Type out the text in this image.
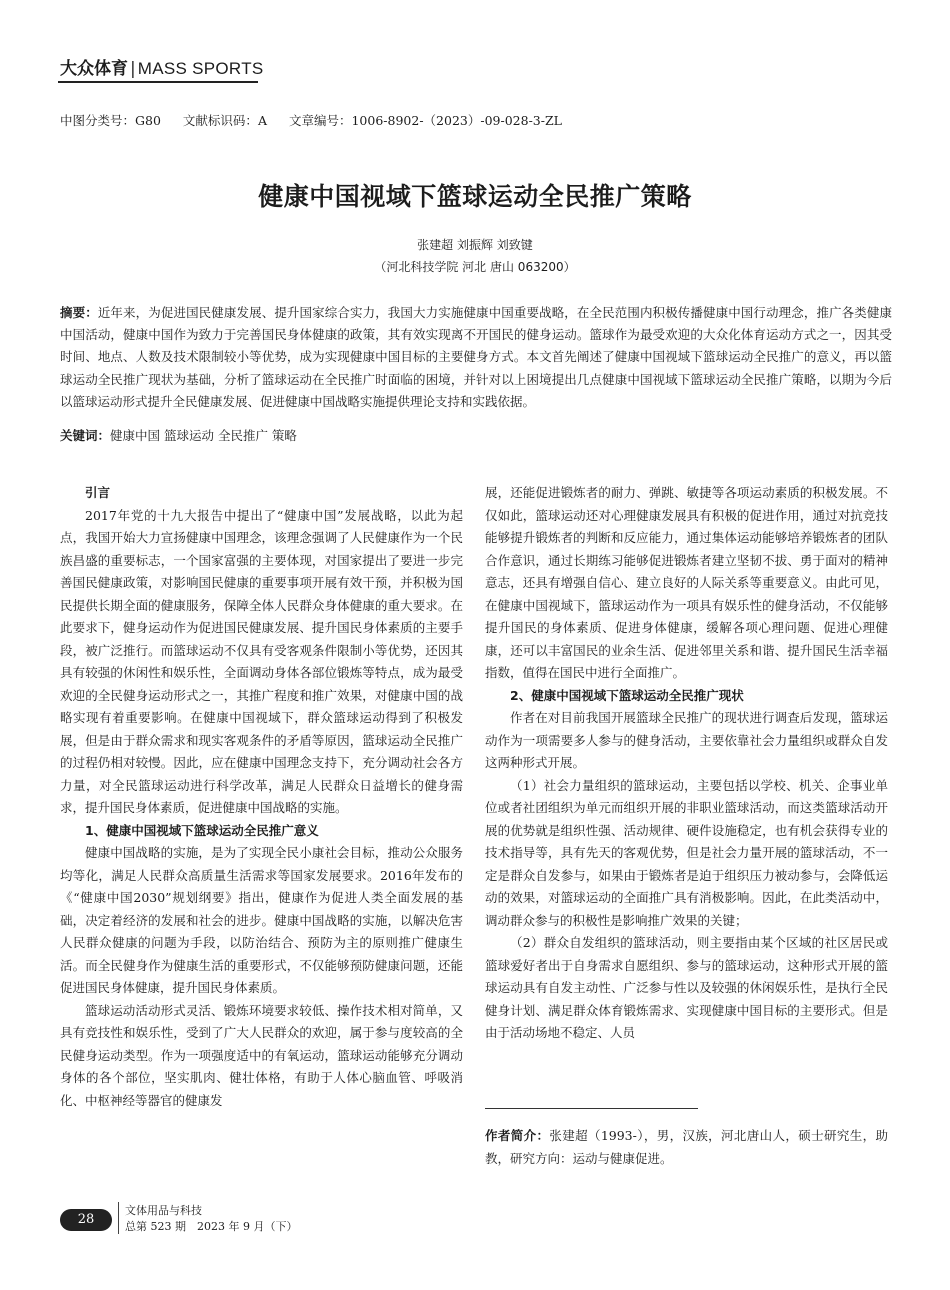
大众体育 | MASS SPORTS
中图分类号：G80 文献标识码：A 文章编号：1006-8902-（2023）-09-028-3-ZL
健康中国视域下篮球运动全民推广策略
张建超 刘振辉 刘致键
（河北科技学院 河北 唐山 063200）
摘要：近年来，为促进国民健康发展、提升国家综合实力，我国大力实施健康中国重要战略，在全民范围内积极传播健康中国行动理念，推广各类健康中国活动，健康中国作为致力于完善国民身体健康的政策，其有效实现离不开国民的健身运动。篮球作为最受欢迎的大众化体育运动方式之一，因其受时间、地点、人数及技术限制较小等优势，成为实现健康中国目标的主要健身方式。本文首先阐述了健康中国视域下篮球运动全民推广的意义，再以篮球运动全民推广现状为基础，分析了篮球运动在全民推广时面临的困境，并针对以上困境提出几点健康中国视域下篮球运动全民推广策略，以期为今后以篮球运动形式提升全民健康发展、促进健康中国战略实施提供理论支持和实践依据。
关键词：健康中国 篮球运动 全民推广 策略
引言

2017年党的十九大报告中提出了“健康中国”发展战略，以此为起点，我国开始大力宣扬健康中国理念，该理念强调了人民健康作为一个民族昌盛的重要标志，一个国家富强的主要体现，对国家提出了要进一步完善国民健康政策，对影响国民健康的重要事项开展有效干预，并积极为国民提供长期全面的健康服务，保障全体人民群众身体健康的重大要求。在此要求下，健身运动作为促进国民健康发展、提升国民身体素质的主要手段，被广泛推行。而篮球运动不仅具有受客观条件限制小等优势，还因其具有较强的休闲性和娱乐性，全面调动身体各部位锻炼等特点，成为最受欢迎的全民健身运动形式之一，其推广程度和推广效果，对健康中国的战略实现有着重要影响。在健康中国视域下，群众篮球运动得到了积极发展，但是由于群众需求和现实客观条件的矛盾等原因，篮球运动全民推广的过程仍相对较慢。因此，应在健康中国理念支持下，充分调动社会各方力量，对全民篮球运动进行科学改革，满足人民群众日益增长的健身需求，提升国民身体素质，促进健康中国战略的实施。

1、健康中国视域下篮球运动全民推广意义

健康中国战略的实施，是为了实现全民小康社会目标，推动公众服务均等化，满足人民群众高质量生活需求等国家发展要求。2016年发布的《“健康中国2030”规划纲要》指出，健康作为促进人类全面发展的基础，决定着经济的发展和社会的进步。健康中国战略的实施，以解决危害人民群众健康的问题为手段，以防治结合、预防为主的原则推广健康生活。而全民健身作为健康生活的重要形式，不仅能够预防健康问题，还能促进国民身体健康，提升国民身体素质。

篮球运动活动形式灵活、锻炼环境要求较低、操作技术相对简单，又具有竞技性和娱乐性，受到了广大人民群众的欢迎，属于参与度较高的全民健身运动类型。作为一项强度适中的有氧运动，篮球运动能够充分调动身体的各个部位，坚实肌肉、健壮体格，有助于人体心脑血管、呼吸消化、中枢神经等器官的健康发

展，还能促进锻炼者的耐力、弹跳、敏捷等各项运动素质的积极发展。不仅如此，篮球运动还对心理健康发展具有积极的促进作用，通过对抗竞技能够提升锻炼者的判断和反应能力，通过集体运动能够培养锻炼者的团队合作意识，通过长期练习能够促进锻炼者建立坚韧不拔、勇于面对的精神意志，还具有增强自信心、建立良好的人际关系等重要意义。由此可见，在健康中国视域下，篮球运动作为一项具有娱乐性的健身活动，不仅能够提升国民的身体素质、促进身体健康，缓解各项心理问题、促进心理健康，还可以丰富国民的业余生活、促进邻里关系和谐、提升国民生活幸福指数，值得在国民中进行全面推广。

2、健康中国视域下篮球运动全民推广现状

作者在对目前我国开展篮球全民推广的现状进行调查后发现，篮球运动作为一项需要多人参与的健身活动，主要依靠社会力量组织或群众自发这两种形式开展。

（1）社会力量组织的篮球运动，主要包括以学校、机关、企事业单位或者社团组织为单元而组织开展的非职业篮球活动，而这类篮球活动开展的优势就是组织性强、活动规律、硬件设施稳定，也有机会获得专业的技术指导等，具有先天的客观优势，但是社会力量开展的篮球活动，不一定是群众自发参与，如果由于锻炼者是迫于组织压力被动参与，会降低运动的效果，对篮球运动的全面推广具有消极影响。因此，在此类活动中，调动群众参与的积极性是影响推广效果的关键；

（2）群众自发组织的篮球活动，则主要指由某个区域的社区居民或篮球爱好者出于自身需求自愿组织、参与的篮球运动，这种形式开展的篮球运动具有自发主动性、广泛参与性以及较强的休闲娱乐性，是执行全民健身计划、满足群众体育锻炼需求、实现健康中国目标的主要形式。但是由于活动场地不稳定、人员

作者简介：张建超（1993-），男，汉族，河北唐山人，硕士研究生，助教，研究方向：运动与健康促进。
28
文体用品与科技
总第 523 期　2023 年 9 月（下）
